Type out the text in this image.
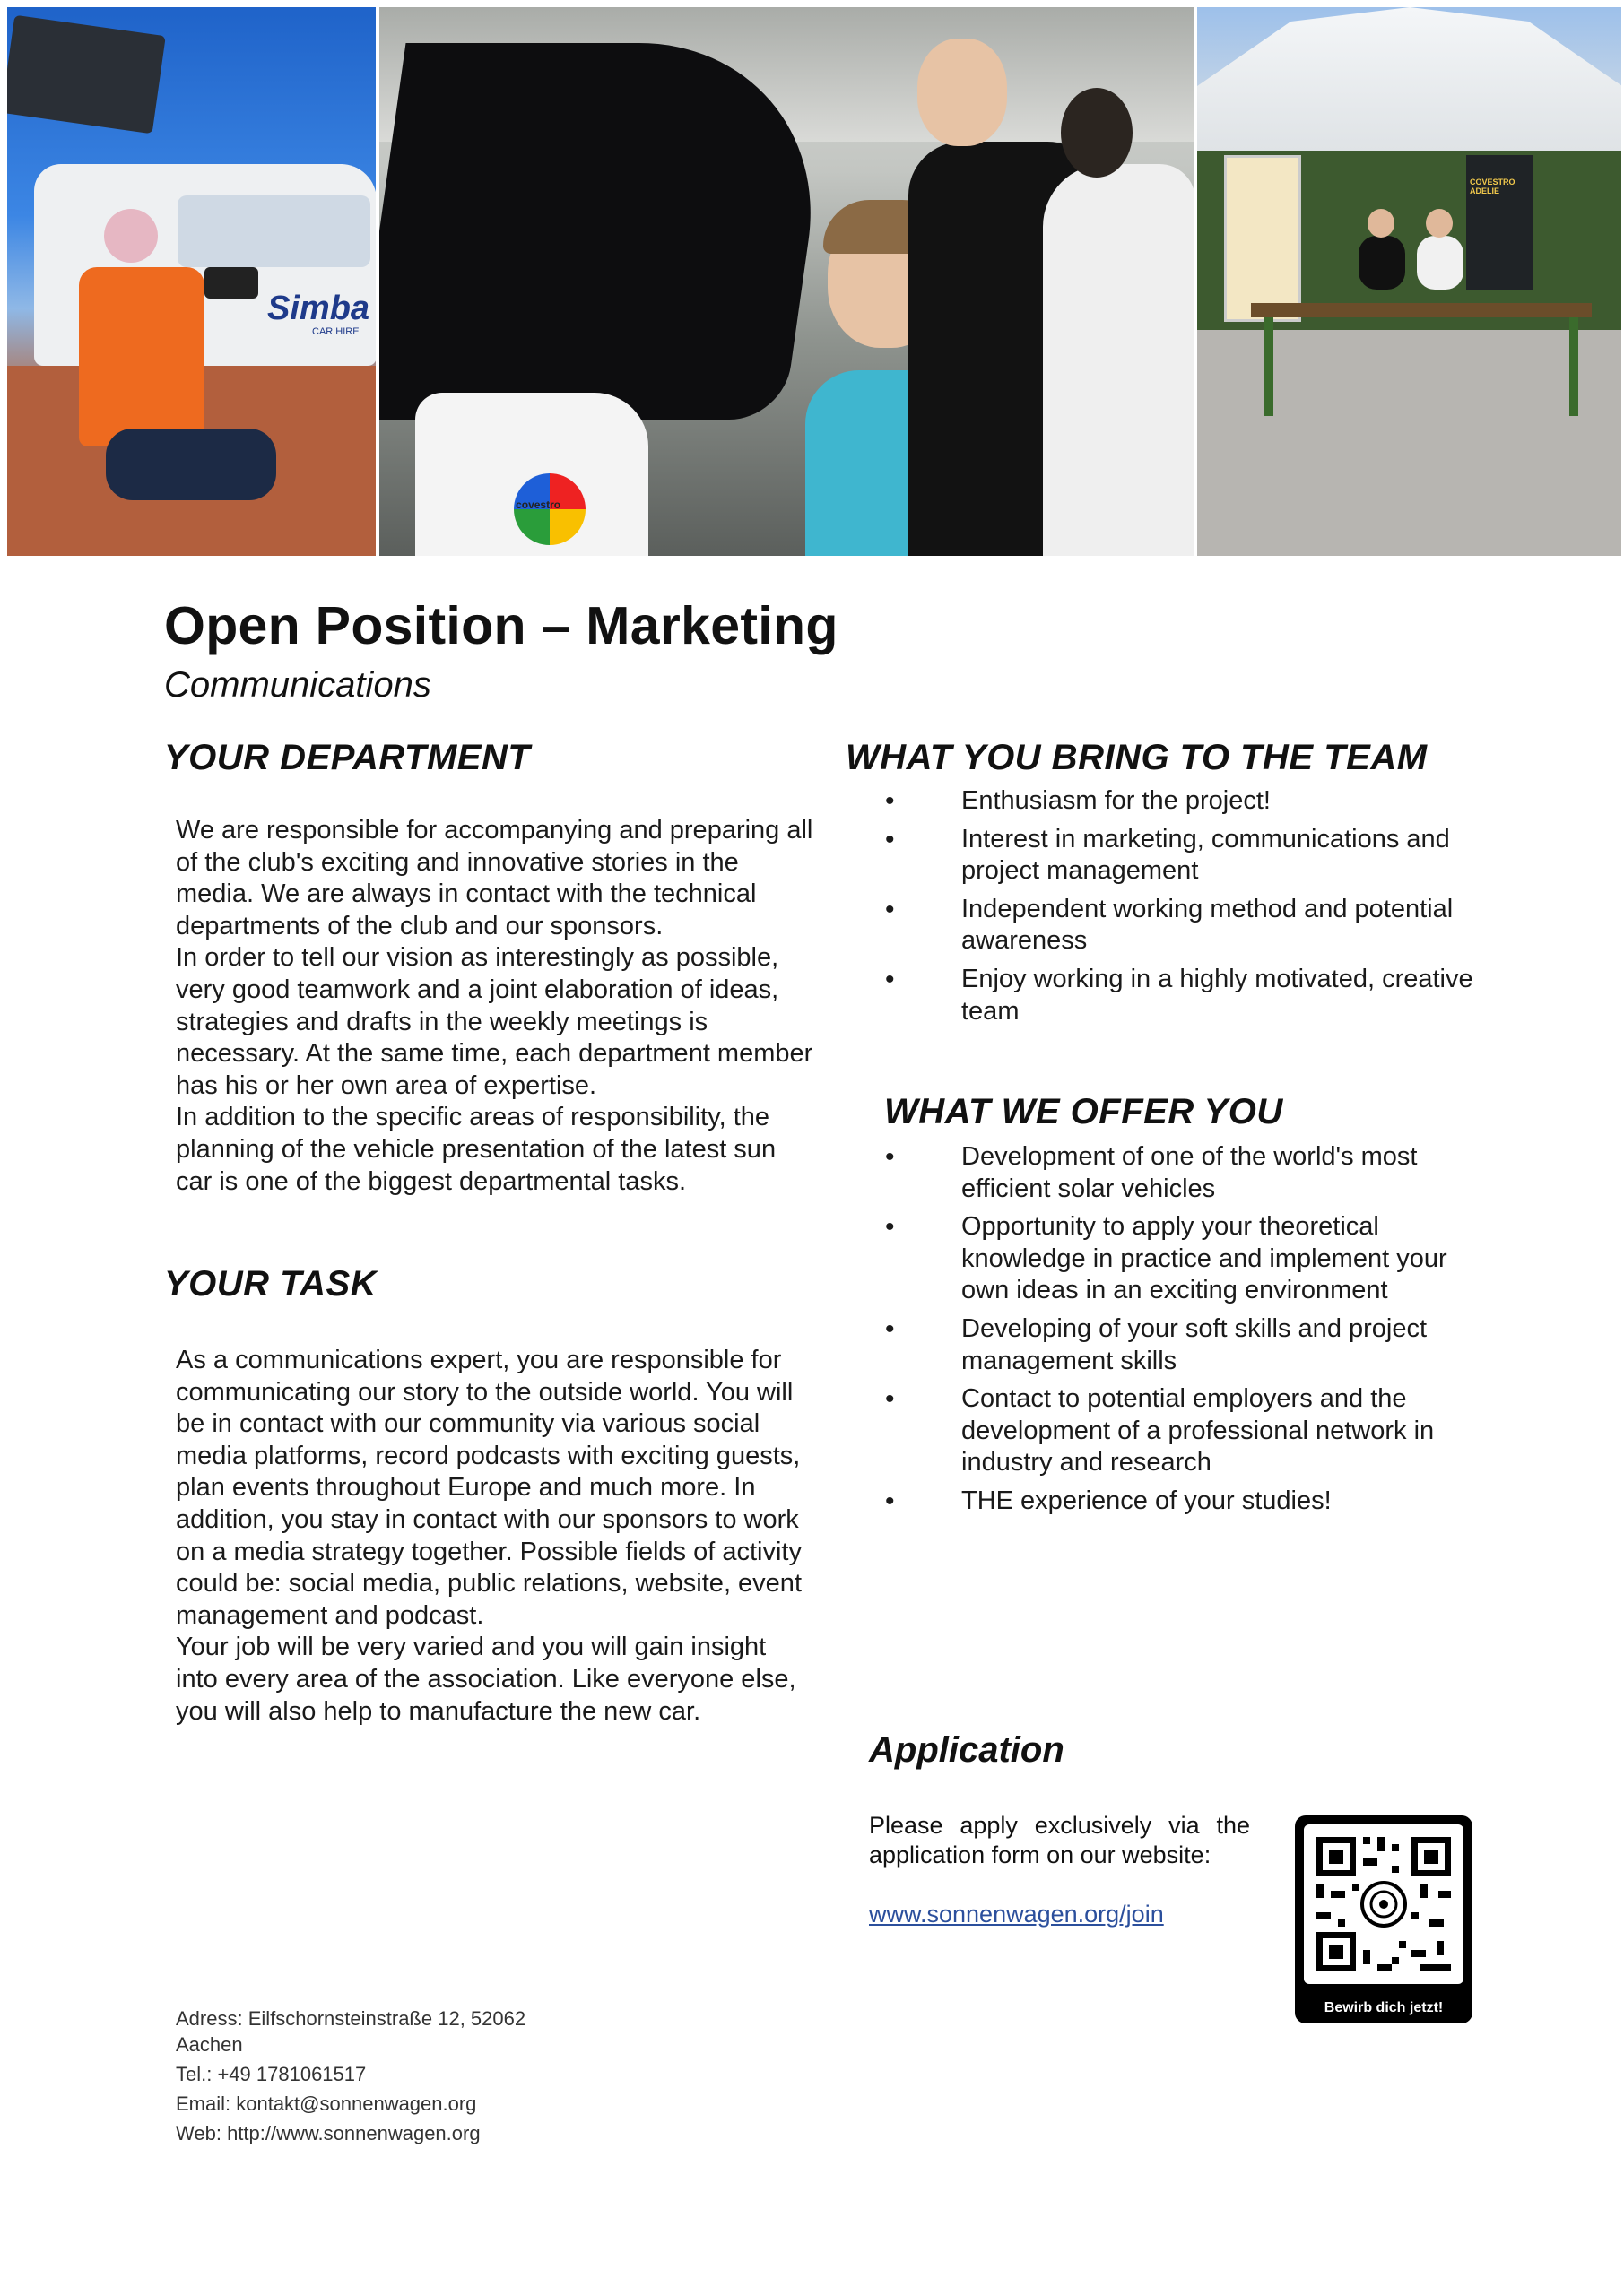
Simba
CAR HIRE
covestro
COVESTRO ADELIE
Open Position – Marketing
Communications
YOUR DEPARTMENT

We are responsible for accompanying and preparing all of the club's exciting and innovative stories in the media. We are always in contact with the technical departments of the club and our sponsors.

In order to tell our vision as interestingly as possible, very good teamwork and a joint elaboration of ideas, strategies and drafts in the weekly meetings is necessary. At the same time, each department member has his or her own area of expertise.

In addition to the specific areas of responsibility, the planning of the vehicle presentation of the latest sun car is one of the biggest departmental tasks.

YOUR TASK

As a communications expert, you are responsible for communicating our story to the outside world. You will be in contact with our community via various social media platforms, record podcasts with exciting guests, plan events throughout Europe and much more. In addition, you stay in contact with our sponsors to work on a media strategy together. Possible fields of activity could be: social media, public relations, website, event management and podcast.

Your job will be very varied and you will gain insight into every area of the association. Like everyone else, you will also help to manufacture the new car.

WHAT YOU BRING TO THE TEAM
• Enthusiasm for the project!
• Interest in marketing, communications and project management
• Independent working method and potential awareness
• Enjoy working in a highly motivated, creative team
WHAT WE OFFER YOU
• Development of one of the world's most efficient solar vehicles
• Opportunity to apply your theoretical knowledge in practice and implement your own ideas in an exciting environment
• Developing of your soft skills and project management skills
• Contact to potential employers and the development of a professional network in industry and research
• THE experience of your studies!
Application
Please apply exclusively via the application form on our website:
www.sonnenwagen.org/join
Bewirb dich jetzt!
Adress: Eilfschornsteinstraße 12, 52062
Aachen
Tel.: +49 1781061517
Email: kontakt@sonnenwagen.org
Web: http://www.sonnenwagen.org
